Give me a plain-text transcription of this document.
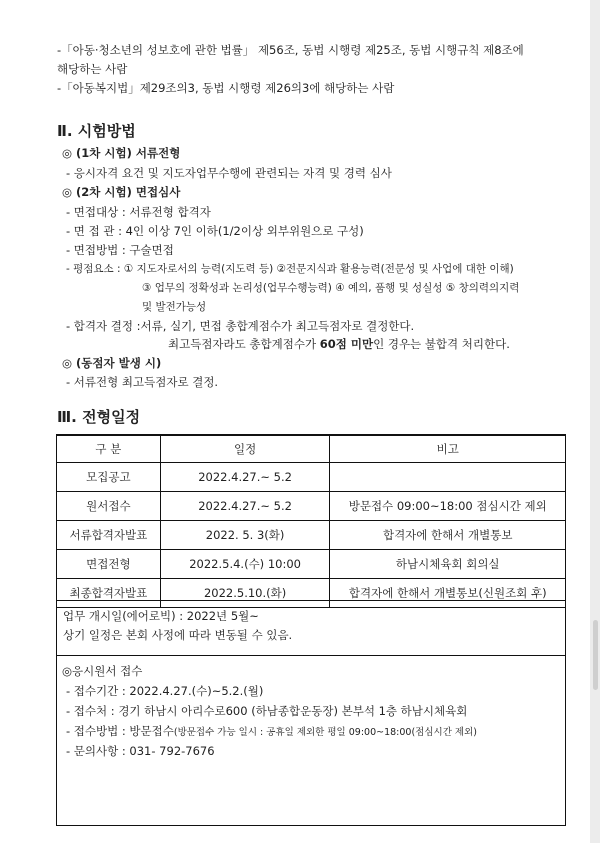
-「아동·청소년의 성보호에 관한 법률」 제56조, 동법 시행령 제25조, 동법 시행규칙 제8조에
해당하는 사람
-「아동복지법」제29조의3, 동법 시행령 제26의3에 해당하는 사람
Ⅱ. 시험방법
◎ (1차 시험) 서류전형
- 응시자격 요건 및 지도자업무수행에 관련되는 자격 및 경력 심사
◎ (2차 시험) 면접심사
- 면접대상 : 서류전형 합격자
- 면 접 관 : 4인 이상 7인 이하(1/2이상 외부위원으로 구성)
- 면접방법 : 구술면접
- 평점요소 : ① 지도자로서의 능력(지도력 등) ②전문지식과 활용능력(전문성 및 사업에 대한 이해)
③ 업무의 정확성과 논리성(업무수행능력) ④ 예의, 품행 및 성실성 ⑤ 창의력의지력
및 발전가능성
- 합격자 결정 :서류, 실기, 면접 총합계점수가 최고득점자로 결정한다.
최고득점자라도 총합계점수가 60점 미만인 경우는 불합격 처리한다.
◎ (동점자 발생 시)
- 서류전형 최고득점자로 결정.
Ⅲ. 전형일정
구 분	일정	비고
모집공고	2022.4.27.~ 5.2	
원서접수	2022.4.27.~ 5.2	방문접수 09:00~18:00 점심시간 제외
서류합격자발표	2022. 5. 3(화)	합격자에 한해서 개별통보
면접전형	2022.5.4.(수) 10:00	하남시체육회 회의실
최종합격자발표	2022.5.10.(화)	합격자에 한해서 개별통보(신원조회 후)
업무 개시일(에어로빅) : 2022년 5월~
상기 일정은 본회 사정에 따라 변동될 수 있음.
◎응시원서 접수
- 접수기간 : 2022.4.27.(수)~5.2.(월)
- 접수처 : 경기 하남시 아리수로600 (하남종합운동장) 본부석 1층 하남시체육회
- 접수방법 : 방문접수(방문접수 가능 일시 : 공휴일 제외한 평일 09:00~18:00(점심시간 제외)
- 문의사항 : 031- 792-7676
